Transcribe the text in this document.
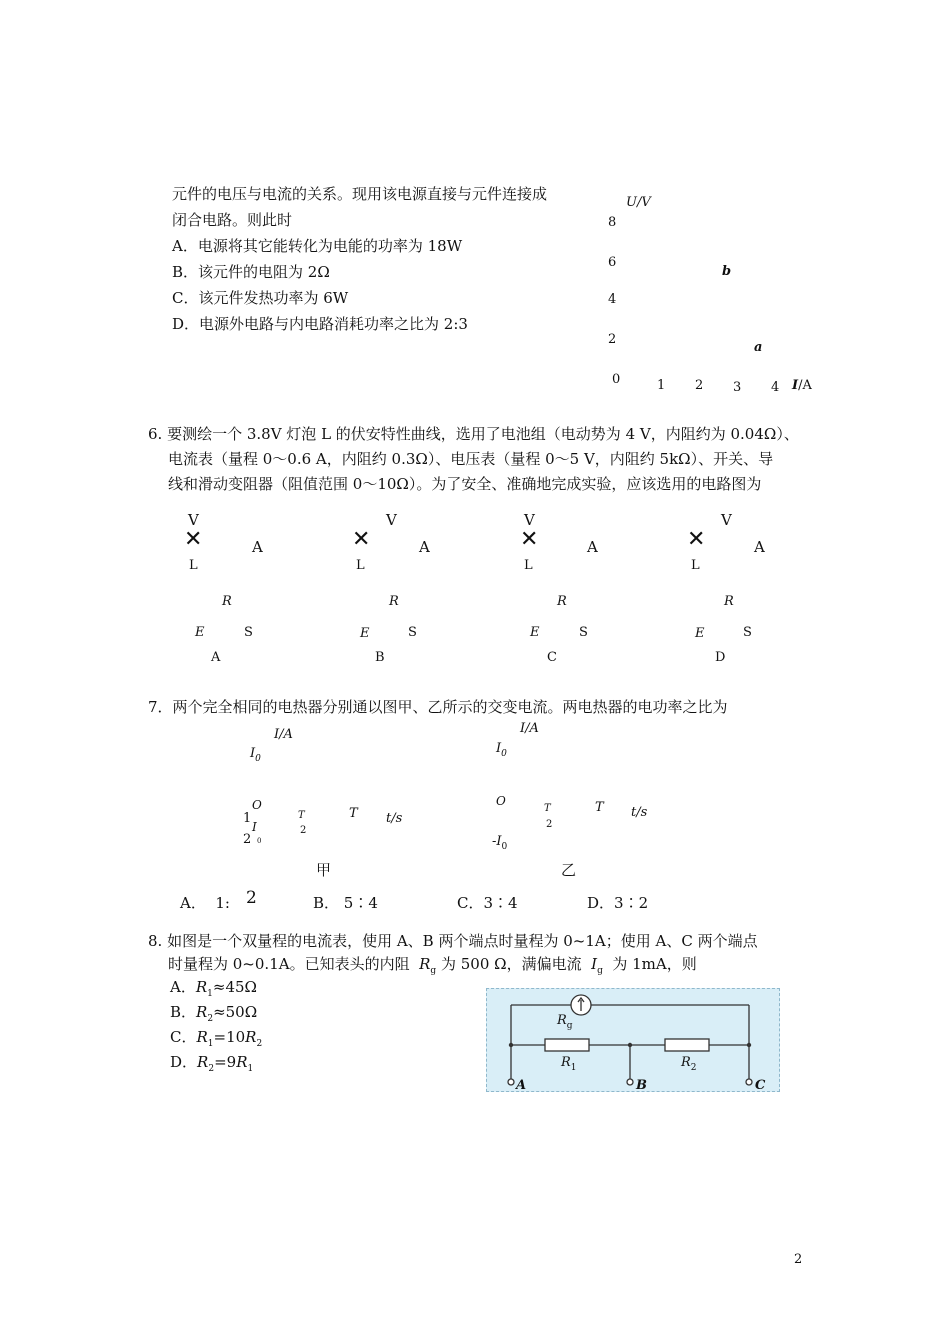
元件的电压与电流的关系。现用该电源直接与元件连接成
闭合电路。则此时
A．电源将其它能转化为电能的功率为 18W
B．该元件的电阻为 2Ω
C．该元件发热功率为 6W
D．电源外电路与内电路消耗功率之比为 2:3
U/V
8
6
4
2
b
a
0	1 2 3 4 I/A
6. 要测绘一个 3.8V 灯泡 L 的伏安特性曲线，选用了电池组（电动势为 4 V，内阻约为 0.04Ω）、
电流表（量程 0～0.6 A，内阻约 0.3Ω）、电压表（量程 0～5 V，内阻约 5kΩ）、开关、导
线和滑动变阻器（阻值范围 0～10Ω）。为了安全、准确地完成实验，应该选用的电路图为
V
✕	A
L
R
E	S
A
V
✕	A
L
R
E	S
B
V
✕	A
L
R
E	S
C
V
✕	A
L
R
E	S
D
7．两个完全相同的电热器分别通以图甲、乙所示的交变电流。两电热器的电功率之比为
I/A
$I_0$
O
1
I
2 0
T
2
T t/s
甲
I/A
$I_0$
O
T
2
T t/s
$-I_0$
乙
A． 1: 2	B． 5∶4	C．3∶4	D．3∶2
8. 如图是一个双量程的电流表，使用 A、B 两个端点时量程为 0~1A；使用 A、C 两个端点
时量程为 0~0.1A。已知表头的内阻 $R_g$ 为 500 Ω，满偏电流 $I_g$ 为 1mA，则
A．$R_1\approx 45\Omega$
B．$R_2\approx 50\Omega$
C．$R_1=10R_2$
D．$R_2=9R_1$
$R_g$
$R_1$	$R_2$
A	B	C
2
